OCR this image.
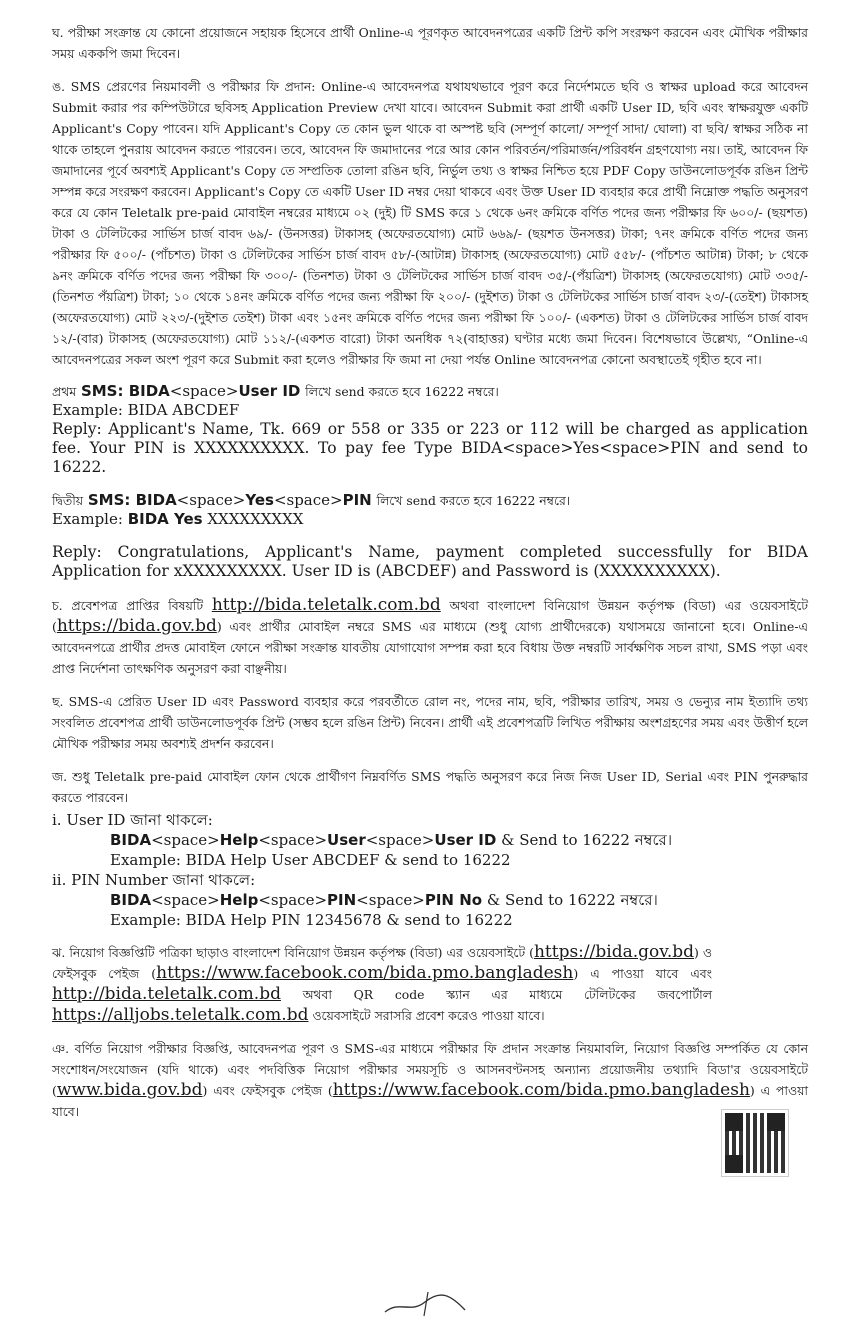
ঘ. পরীক্ষা সংক্রান্ত যে কোনো প্রয়োজনে সহায়ক হিসেবে প্রার্থী Online-এ পূরণকৃত আবেদনপত্রের একটি প্রিন্ট কপি সংরক্ষণ করবেন এবং মৌখিক পরীক্ষার সময় এককপি জমা দিবেন।

ঙ. SMS প্রেরণের নিয়মাবলী ও পরীক্ষার ফি প্রদান: Online-এ আবেদনপত্র যথাযথভাবে পূরণ করে নির্দেশমতে ছবি ও স্বাক্ষর upload করে আবেদন Submit করার পর কম্পিউটারে ছবিসহ Application Preview দেখা যাবে। আবেদন Submit করা প্রার্থী একটি User ID, ছবি এবং স্বাক্ষরযুক্ত একটি Applicant's Copy পাবেন। যদি Applicant's Copy তে কোন ভুল থাকে বা অস্পষ্ট ছবি (সম্পূর্ণ কালো/ সম্পূর্ণ সাদা/ ঘোলা) বা ছবি/ স্বাক্ষর সঠিক না থাকে তাহলে পুনরায় আবেদন করতে পারবেন। তবে, আবেদন ফি জমাদানের পরে আর কোন পরিবর্তন/পরিমার্জন/পরিবর্ধন গ্রহণযোগ্য নয়। তাই, আবেদন ফি জমাদানের পূর্বে অবশ্যই Applicant's Copy তে সম্প্রতিক তোলা রঙিন ছবি, নির্ভুল তথ্য ও স্বাক্ষর নিশ্চিত হয়ে PDF Copy ডাউনলোডপূর্বক রঙিন প্রিন্ট সম্পন্ন করে সংরক্ষণ করবেন। Applicant's Copy তে একটি User ID নম্বর দেয়া থাকবে এবং উক্ত User ID ব্যবহার করে প্রার্থী নিম্নোক্ত পদ্ধতি অনুসরণ করে যে কোন Teletalk pre-paid মোবাইল নম্বরের মাধ্যমে ০২ (দুই) টি SMS করে ১ থেকে ৬নং ক্রমিকে বর্ণিত পদের জন্য পরীক্ষার ফি ৬০০/- (ছয়শত) টাকা ও টেলিটকের সার্ভিস চার্জ বাবদ ৬৯/- (উনসত্তর) টাকাসহ (অফেরতযোগ্য) মোট ৬৬৯/- (ছয়শত উনসত্তর) টাকা; ৭নং ক্রমিকে বর্ণিত পদের জন্য পরীক্ষার ফি ৫০০/- (পাঁচশত) টাকা ও টেলিটকের সার্ভিস চার্জ বাবদ ৫৮/-(আটান্ন) টাকাসহ (অফেরতযোগ্য) মোট ৫৫৮/- (পাঁচশত আটান্ন) টাকা; ৮ থেকে ৯নং ক্রমিকে বর্ণিত পদের জন্য পরীক্ষা ফি ৩০০/- (তিনশত) টাকা ও টেলিটকের সার্ভিস চার্জ বাবদ ৩৫/-(পঁয়ত্রিশ) টাকাসহ (অফেরতযোগ্য) মোট ৩৩৫/-(তিনশত পঁয়ত্রিশ) টাকা; ১০ থেকে ১৪নং ক্রমিকে বর্ণিত পদের জন্য পরীক্ষা ফি ২০০/- (দুইশত) টাকা ও টেলিটকের সার্ভিস চার্জ বাবদ ২৩/-(তেইশ) টাকাসহ (অফেরতযোগ্য) মোট ২২৩/-(দুইশত তেইশ) টাকা এবং ১৫নং ক্রমিকে বর্ণিত পদের জন্য পরীক্ষা ফি ১০০/- (একশত) টাকা ও টেলিটকের সার্ভিস চার্জ বাবদ ১২/-(বার) টাকাসহ (অফেরতযোগ্য) মোট ১১২/-(একশত বারো) টাকা অনধিক ৭২(বাহাত্তর) ঘণ্টার মধ্যে জমা দিবেন। বিশেষভাবে উল্লেখ্য, “Online-এ আবেদনপত্রের সকল অংশ পূরণ করে Submit করা হলেও পরীক্ষার ফি জমা না দেয়া পর্যন্ত Online আবেদনপত্র কোনো অবস্থাতেই গৃহীত হবে না।

প্রথম SMS: BIDA<space>User ID লিখে send করতে হবে 16222 নম্বরে।
Example: BIDA ABCDEF
Reply: Applicant's Name, Tk. 669 or 558 or 335 or 223 or 112 will be charged as application fee. Your PIN is XXXXXXXXXX. To pay fee Type BIDA<space>Yes<space>PIN and send to 16222.
দ্বিতীয় SMS: BIDA<space>Yes<space>PIN লিখে send করতে হবে 16222 নম্বরে।
Example: BIDA Yes XXXXXXXXX
Reply: Congratulations, Applicant's Name, payment completed successfully for BIDA Application for xXXXXXXXXX. User ID is (ABCDEF) and Password is (XXXXXXXXXX).

চ. প্রবেশপত্র প্রাপ্তির বিষয়টি http://bida.teletalk.com.bd অথবা বাংলাদেশ বিনিয়োগ উন্নয়ন কর্তৃপক্ষ (বিডা) এর ওয়েবসাইটে (https://bida.gov.bd) এবং প্রার্থীর মোবাইল নম্বরে SMS এর মাধ্যমে (শুধু যোগ্য প্রার্থীদেরকে) যথাসময়ে জানানো হবে। Online-এ আবেদনপত্রে প্রার্থীর প্রদত্ত মোবাইল ফোনে পরীক্ষা সংক্রান্ত যাবতীয় যোগাযোগ সম্পন্ন করা হবে বিধায় উক্ত নম্বরটি সার্বক্ষণিক সচল রাখা, SMS পড়া এবং প্রাপ্ত নির্দেশনা তাৎক্ষণিক অনুসরণ করা বাঞ্ছনীয়।

ছ. SMS-এ প্রেরিত User ID এবং Password ব্যবহার করে পরবর্তীতে রোল নং, পদের নাম, ছবি, পরীক্ষার তারিখ, সময় ও ভেন্যুর নাম ইত্যাদি তথ্য সংবলিত প্রবেশপত্র প্রার্থী ডাউনলোডপূর্বক প্রিন্ট (সম্ভব হলে রঙিন প্রিন্ট) নিবেন। প্রার্থী এই প্রবেশপত্রটি লিখিত পরীক্ষায় অংশগ্রহণের সময় এবং উত্তীর্ণ হলে মৌখিক পরীক্ষার সময় অবশ্যই প্রদর্শন করবেন।

জ. শুধু Teletalk pre-paid মোবাইল ফোন থেকে প্রার্থীগণ নিম্নবর্ণিত SMS পদ্ধতি অনুসরণ করে নিজ নিজ User ID, Serial এবং PIN পুনরুদ্ধার করতে পারবেন।

i. User ID জানা থাকলে:
BIDA<space>Help<space>User<space>User ID & Send to 16222 নম্বরে।
Example: BIDA Help User ABCDEF & send to 16222
ii. PIN Number জানা থাকলে:
BIDA<space>Help<space>PIN<space>PIN No & Send to 16222 নম্বরে।
Example: BIDA Help PIN 12345678 & send to 16222

ঝ. নিয়োগ বিজ্ঞপ্তিটি পত্রিকা ছাড়াও বাংলাদেশ বিনিয়োগ উন্নয়ন কর্তৃপক্ষ (বিডা) এর ওয়েবসাইটে (https://bida.gov.bd) ও ফেইসবুক পেইজ (https://www.facebook.com/bida.pmo.bangladesh) এ পাওয়া যাবে এবং http://bida.teletalk.com.bd অথবা QR code স্ক্যান এর মাধ্যমে টেলিটকের জবপোর্টাল https://alljobs.teletalk.com.bd ওয়েবসাইটে সরাসরি প্রবেশ করেও পাওয়া যাবে।

ঞ. বর্ণিত নিয়োগ পরীক্ষার বিজ্ঞপ্তি, আবেদনপত্র পূরণ ও SMS-এর মাধ্যমে পরীক্ষার ফি প্রদান সংক্রান্ত নিয়মাবলি, নিয়োগ বিজ্ঞপ্তি সম্পর্কিত যে কোন সংশোধন/সংযোজন (যদি থাকে) এবং পদবিত্তিক নিয়োগ পরীক্ষার সময়সূচি ও আসনবণ্টনসহ অন্যান্য প্রয়োজনীয় তথ্যাদি বিডা'র ওয়েবসাইটে (www.bida.gov.bd) এবং ফেইসবুক পেইজ (https://www.facebook.com/bida.pmo.bangladesh) এ পাওয়া যাবে।
